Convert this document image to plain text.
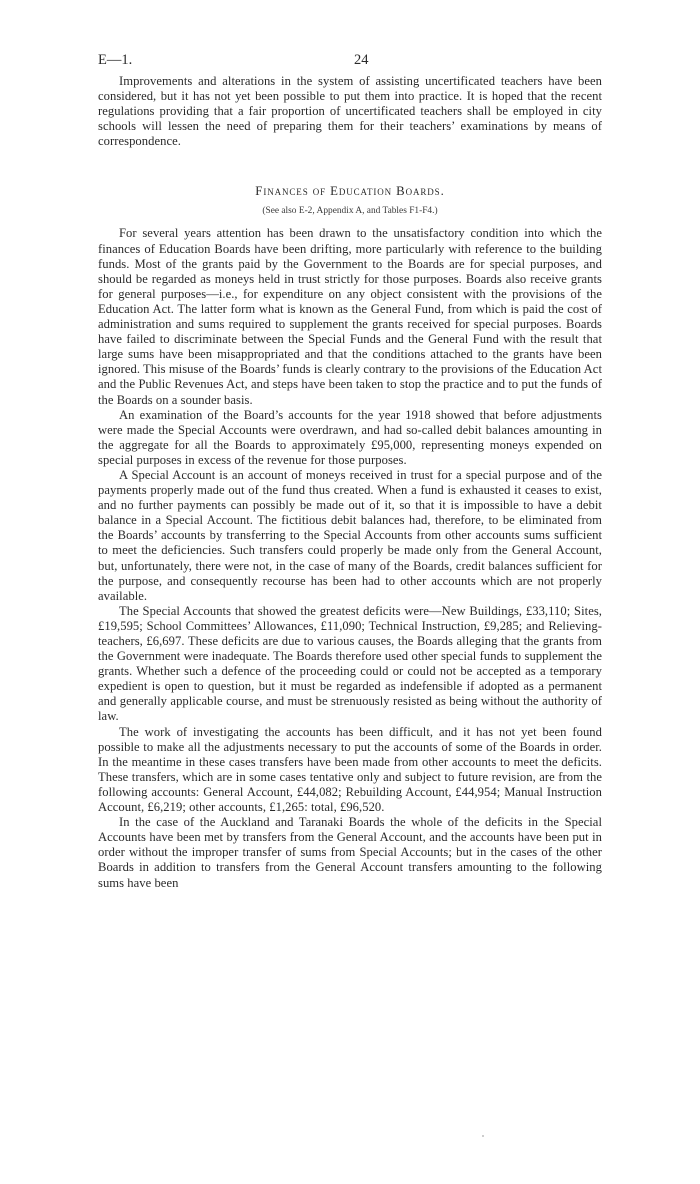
E—1.	24

Improvements and alterations in the system of assisting uncertificated teachers have been considered, but it has not yet been possible to put them into practice. It is hoped that the recent regulations providing that a fair proportion of uncertificated teachers shall be employed in city schools will lessen the need of preparing them for their teachers’ examinations by means of correspondence.

Finances of Education Boards.
(See also E-2, Appendix A, and Tables F1-F4.)

For several years attention has been drawn to the unsatisfactory condition into which the finances of Education Boards have been drifting, more particularly with reference to the building funds. Most of the grants paid by the Government to the Boards are for special purposes, and should be regarded as moneys held in trust strictly for those purposes. Boards also receive grants for general purposes—i.e., for expenditure on any object consistent with the provisions of the Education Act. The latter form what is known as the General Fund, from which is paid the cost of administration and sums required to supplement the grants received for special purposes. Boards have failed to discriminate between the Special Funds and the General Fund with the result that large sums have been misappropriated and that the conditions attached to the grants have been ignored. This misuse of the Boards’ funds is clearly contrary to the provisions of the Education Act and the Public Revenues Act, and steps have been taken to stop the practice and to put the funds of the Boards on a sounder basis.

An examination of the Board’s accounts for the year 1918 showed that before adjustments were made the Special Accounts were overdrawn, and had so-called debit balances amounting in the aggregate for all the Boards to approximately £95,000, representing moneys expended on special purposes in excess of the revenue for those purposes.

A Special Account is an account of moneys received in trust for a special purpose and of the payments properly made out of the fund thus created. When a fund is exhausted it ceases to exist, and no further payments can possibly be made out of it, so that it is impossible to have a debit balance in a Special Account. The fictitious debit balances had, therefore, to be eliminated from the Boards’ accounts by transferring to the Special Accounts from other accounts sums sufficient to meet the deficiencies. Such transfers could properly be made only from the General Account, but, unfortunately, there were not, in the case of many of the Boards, credit balances sufficient for the purpose, and consequently recourse has been had to other accounts which are not properly available.

The Special Accounts that showed the greatest deficits were—New Buildings, £33,110; Sites, £19,595; School Committees’ Allowances, £11,090; Technical Instruction, £9,285; and Relieving-teachers, £6,697. These deficits are due to various causes, the Boards alleging that the grants from the Government were inadequate. The Boards therefore used other special funds to supplement the grants. Whether such a defence of the proceeding could or could not be accepted as a temporary expedient is open to question, but it must be regarded as indefensible if adopted as a permanent and generally applicable course, and must be strenuously resisted as being without the authority of law.

The work of investigating the accounts has been difficult, and it has not yet been found possible to make all the adjustments necessary to put the accounts of some of the Boards in order. In the meantime in these cases transfers have been made from other accounts to meet the deficits. These transfers, which are in some cases tentative only and subject to future revision, are from the following accounts: General Account, £44,082; Rebuilding Account, £44,954; Manual Instruction Account, £6,219; other accounts, £1,265: total, £96,520.

In the case of the Auckland and Taranaki Boards the whole of the deficits in the Special Accounts have been met by transfers from the General Account, and the accounts have been put in order without the improper transfer of sums from Special Accounts; but in the cases of the other Boards in addition to transfers from the General Account transfers amounting to the following sums have been
